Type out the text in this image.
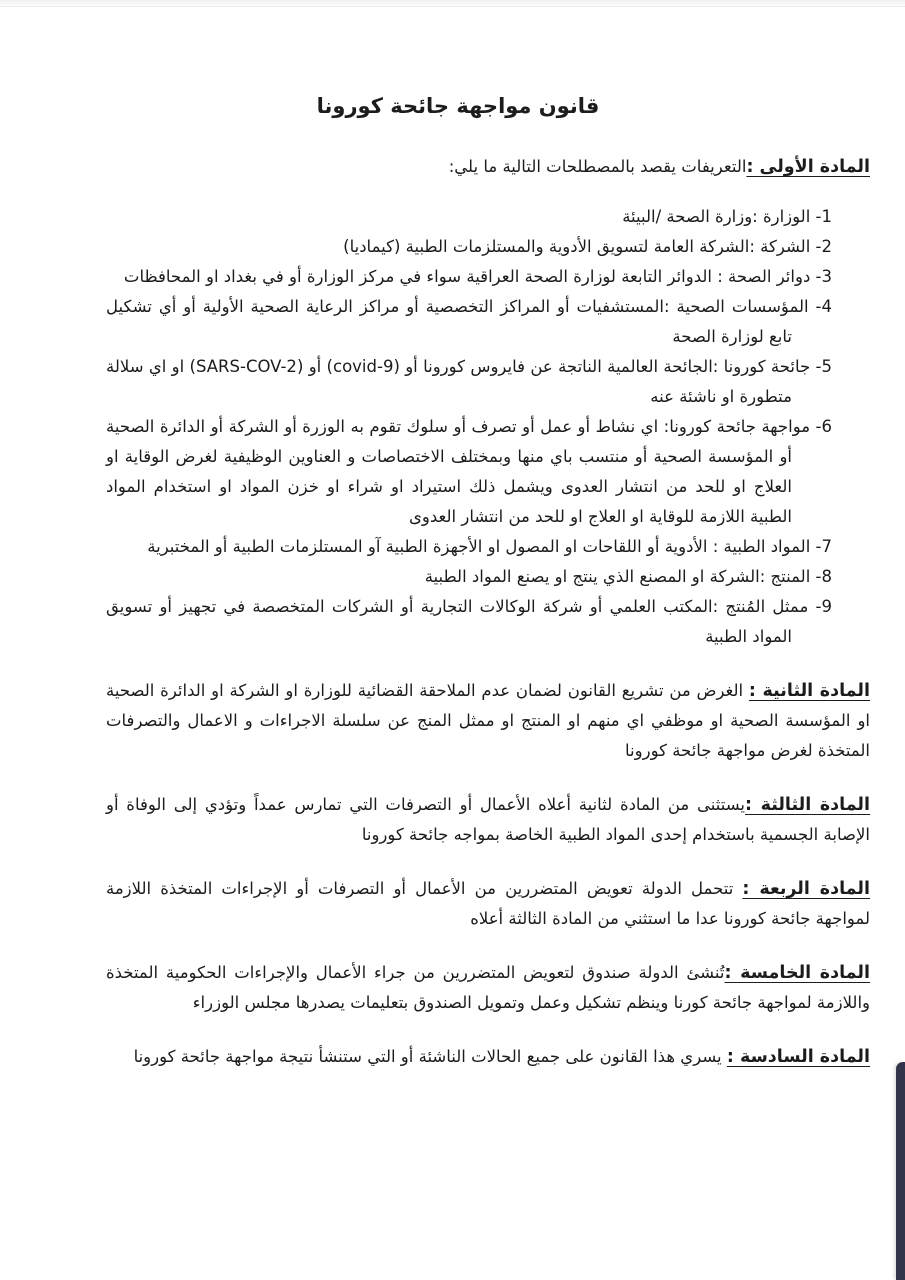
قانون مواجهة جائحة كورونا

المادة الأولى :التعريفات يقصد بالمصطلحات التالية ما يلي:

1- الوزارة :وزارة الصحة /البيئة

2- الشركة :الشركة العامة لتسويق الأدوية والمستلزمات الطبية (كيماديا)

3- دوائر الصحة : الدوائر التابعة لوزارة الصحة العراقية سواء في مركز الوزارة أو في بغداد او المحافظات

4- المؤسسات الصحية :المستشفيات أو المراكز التخصصية أو مراكز الرعاية الصحية الأولية أو أي تشكيل تابع لوزارة الصحة

5- جائحة كورونا :الجائحة العالمية الناتجة عن فايروس كورونا أو (covid-9) أو (SARS-COV-2) او اي سلالة متطورة او ناشئة عنه

6- مواجهة جائحة كورونا: اي نشاط أو عمل أو تصرف أو سلوك تقوم به الوزرة أو الشركة أو الدائرة الصحية أو المؤسسة الصحية أو منتسب باي منها وبمختلف الاختصاصات و العناوين الوظيفية لغرض الوقاية او العلاج او للحد من انتشار العدوى ويشمل ذلك استيراد او شراء او خزن المواد او استخدام المواد الطبية اللازمة للوقاية او العلاج او للحد من انتشار العدوى

7- المواد الطبية : الأدوية أو اللقاحات او المصول او الأجهزة الطبية آو المستلزمات الطبية أو المختبرية

8- المنتج :الشركة او المصنع الذي ينتج او يصنع المواد الطبية

9- ممثل المُنتج :المكتب العلمي أو شركة الوكالات التجارية أو الشركات المتخصصة في تجهيز أو تسويق المواد الطبية

المادة الثانية : الغرض من تشريع القانون لضمان عدم الملاحقة القضائية للوزارة او الشركة او الدائرة الصحية او المؤسسة الصحية او موظفي اي منهم او المنتج او ممثل المنج عن سلسلة الاجراءات و الاعمال والتصرفات المتخذة لغرض مواجهة جائحة كورونا

المادة الثالثة :يستثنى من المادة لثانية أعلاه الأعمال أو التصرفات التي تمارس عمداً وتؤدي إلى الوفاة أو الإصابة الجسمية باستخدام إحدى المواد الطبية الخاصة بمواجه جائحة كورونا

المادة الربعة : تتحمل الدولة تعويض المتضررين من الأعمال أو التصرفات أو الإجراءات المتخذة اللازمة لمواجهة جائحة كورونا عدا ما استثني من المادة الثالثة أعلاه

المادة الخامسة :تُنشئ الدولة صندوق لتعويض المتضررين من جراء الأعمال والإجراءات الحكومية المتخذة واللازمة لمواجهة جائحة كورنا وينظم تشكيل وعمل وتمويل الصندوق بتعليمات يصدرها مجلس الوزراء

المادة السادسة : يسري هذا القانون على جميع الحالات الناشئة أو التي ستنشأ نتيجة مواجهة جائحة كورونا
